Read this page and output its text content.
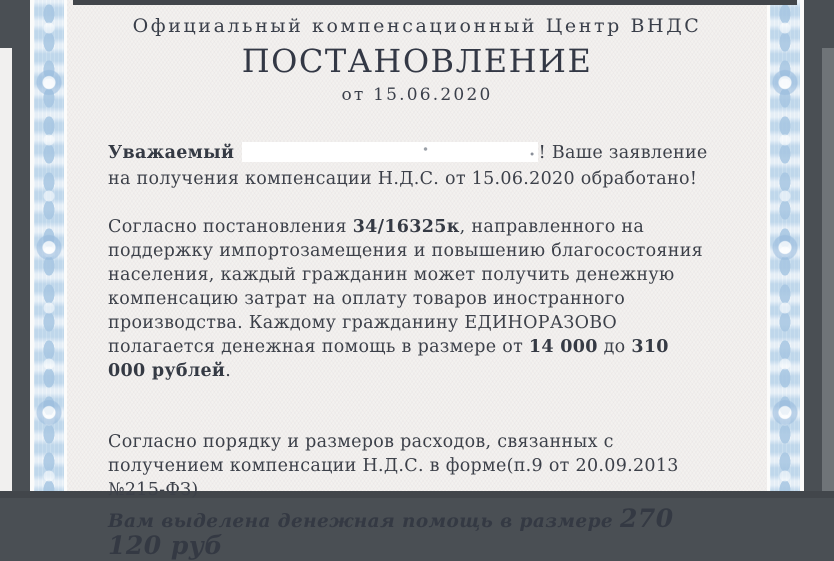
Официальный компенсационный Центр ВНДС
ПОСТАНОВЛЕНИЕ
от 15.06.2020

Уважаемый	! Ваше заявление на получения компенсации Н.Д.С. от 15.06.2020 обработано!

Согласно постановления 34/16325к, направленного на поддержку импортозамещения и повышению благосостояния населения, каждый гражданин может получить денежную компенсацию затрат на оплату товаров иностранного производства. Каждому гражданину ЕДИНОРАЗОВО полагается денежная помощь в размере от 14 000 до 310 000 рублей.

Согласно порядку и размеров расходов, связанных с получением компенсации Н.Д.С. в форме(п.9 от 20.09.2013 №215-ФЗ)

Вам выделена денежная помощь в размере 270 120 руб
